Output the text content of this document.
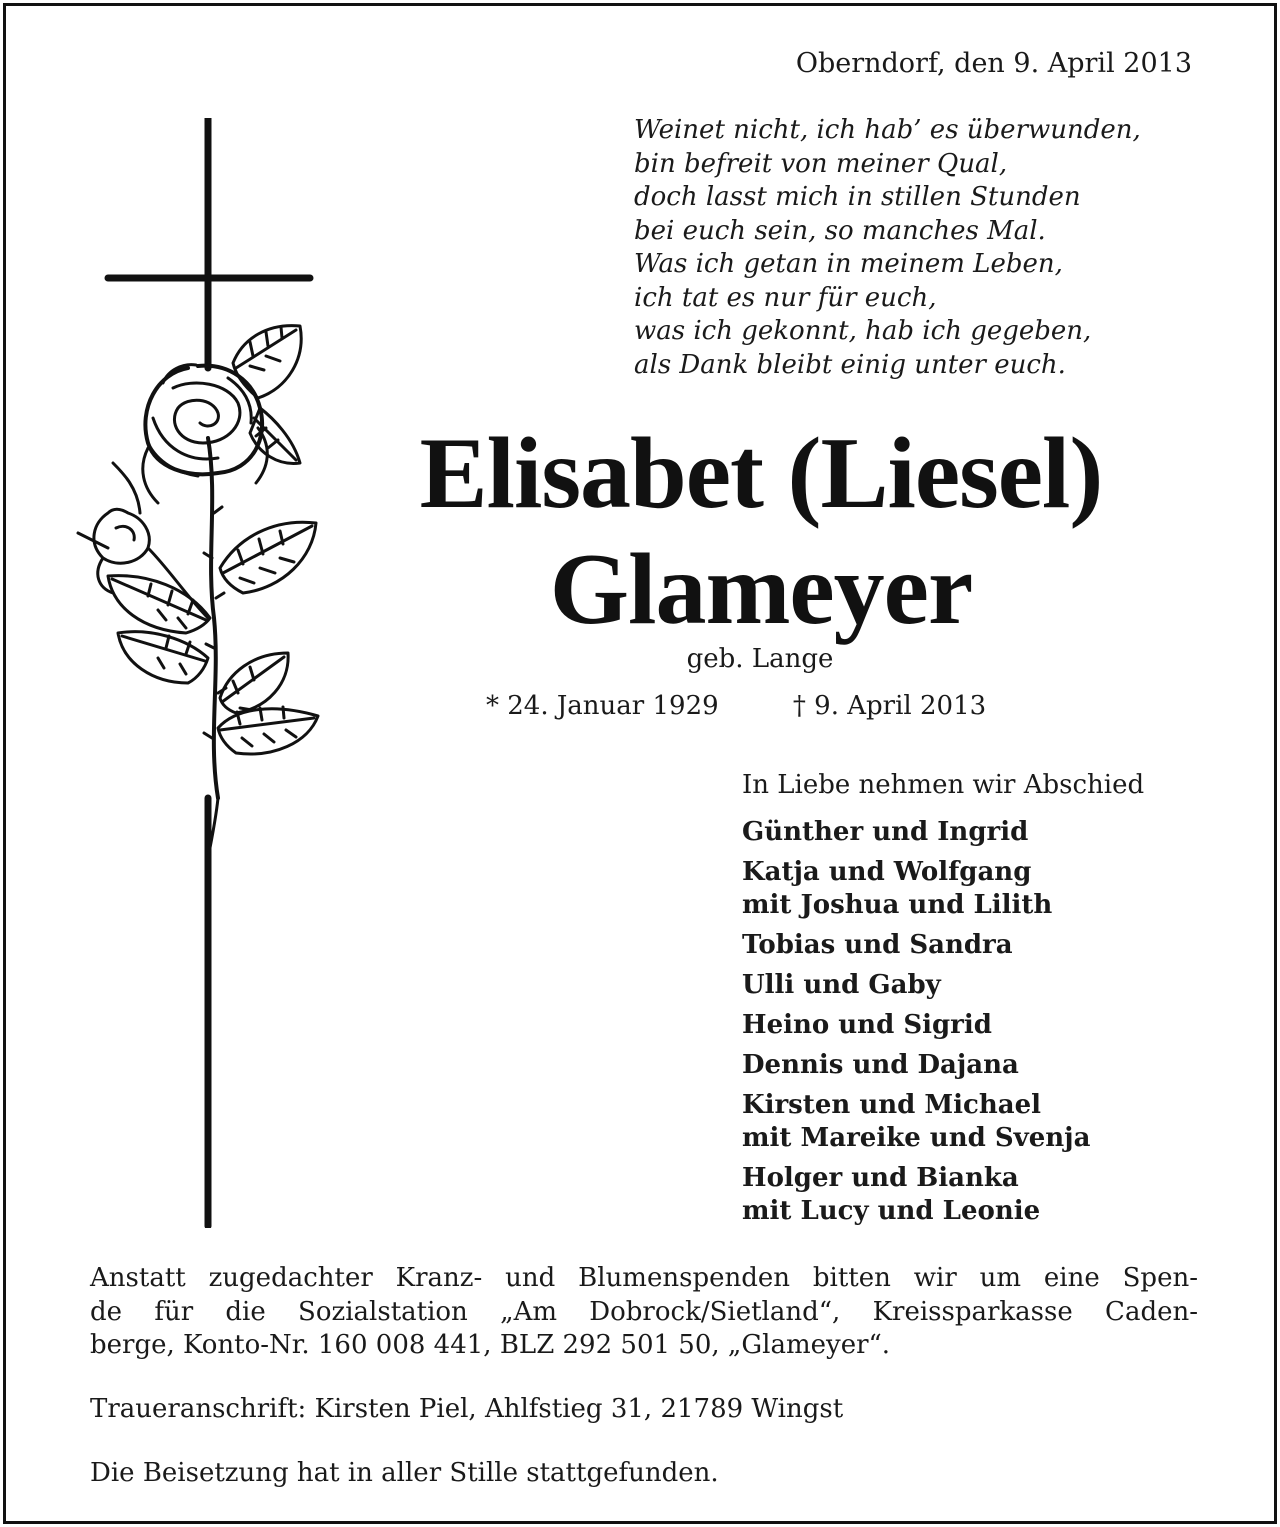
Oberndorf, den 9. April 2013
Weinet nicht, ich hab’ es überwunden,
bin befreit von meiner Qual,
doch lasst mich in stillen Stunden
bei euch sein, so manches Mal.
Was ich getan in meinem Leben,
ich tat es nur für euch,
was ich gekonnt, hab ich gegeben,
als Dank bleibt einig unter euch.
Elisabet (Liesel)
Glameyer
geb. Lange
* 24. Januar 1929	† 9. April 2013
In Liebe nehmen wir Abschied
Günther und Ingrid
Katja und Wolfgang
mit Joshua und Lilith
Tobias und Sandra
Ulli und Gaby
Heino und Sigrid
Dennis und Dajana
Kirsten und Michael
mit Mareike und Svenja
Holger und Bianka
mit Lucy und Leonie
Anstatt zugedachter Kranz- und Blumenspenden bitten wir um eine Spen-
de für die Sozialstation „Am Dobrock/Sietland“, Kreissparkasse Caden-
berge, Konto-Nr. 160 008 441, BLZ 292 501 50, „Glameyer“.
Traueranschrift: Kirsten Piel, Ahlfstieg 31, 21789 Wingst
Die Beisetzung hat in aller Stille stattgefunden.
